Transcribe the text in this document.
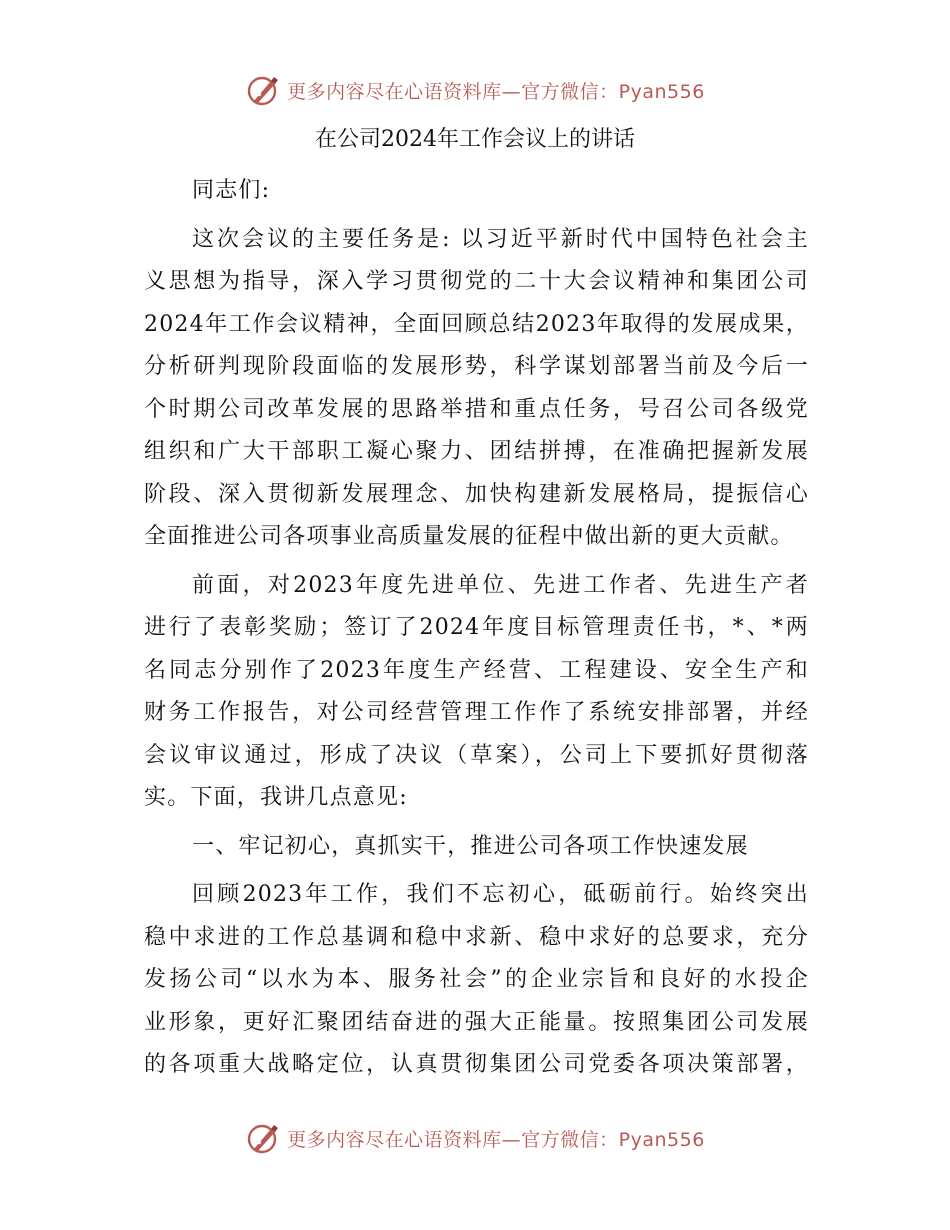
更多内容尽在心语资料库—官方微信：Pyan556
在公司2024年工作会议上的讲话

同志们:

这次会议的主要任务是: 以习近平新时代中国特色社会主
义思想为指导，深入学习贯彻党的二十大会议精神和集团公司
2024年工作会议精神，全面回顾总结2023年取得的发展成果，
分析研判现阶段面临的发展形势，科学谋划部署当前及今后一
个时期公司改革发展的思路举措和重点任务，号召公司各级党
组织和广大干部职工凝心聚力、团结拼搏，在准确把握新发展
阶段、深入贯彻新发展理念、加快构建新发展格局，提振信心
全面推进公司各项事业高质量发展的征程中做出新的更大贡献。

前面，对2023年度先进单位、先进工作者、先进生产者
进行了表彰奖励；签订了2024年度目标管理责任书，*、*两
名同志分别作了2023年度生产经营、工程建设、安全生产和
财务工作报告，对公司经营管理工作作了系统安排部署，并经
会议审议通过，形成了决议（草案），公司上下要抓好贯彻落
实。下面，我讲几点意见:

一、牢记初心，真抓实干，推进公司各项工作快速发展

回顾2023年工作，我们不忘初心，砥砺前行。始终突出
稳中求进的工作总基调和稳中求新、稳中求好的总要求，充分
发扬公司“以水为本、服务社会”的企业宗旨和良好的水投企
业形象，更好汇聚团结奋进的强大正能量。按照集团公司发展
的各项重大战略定位，认真贯彻集团公司党委各项决策部署，

更多内容尽在心语资料库—官方微信：Pyan556
